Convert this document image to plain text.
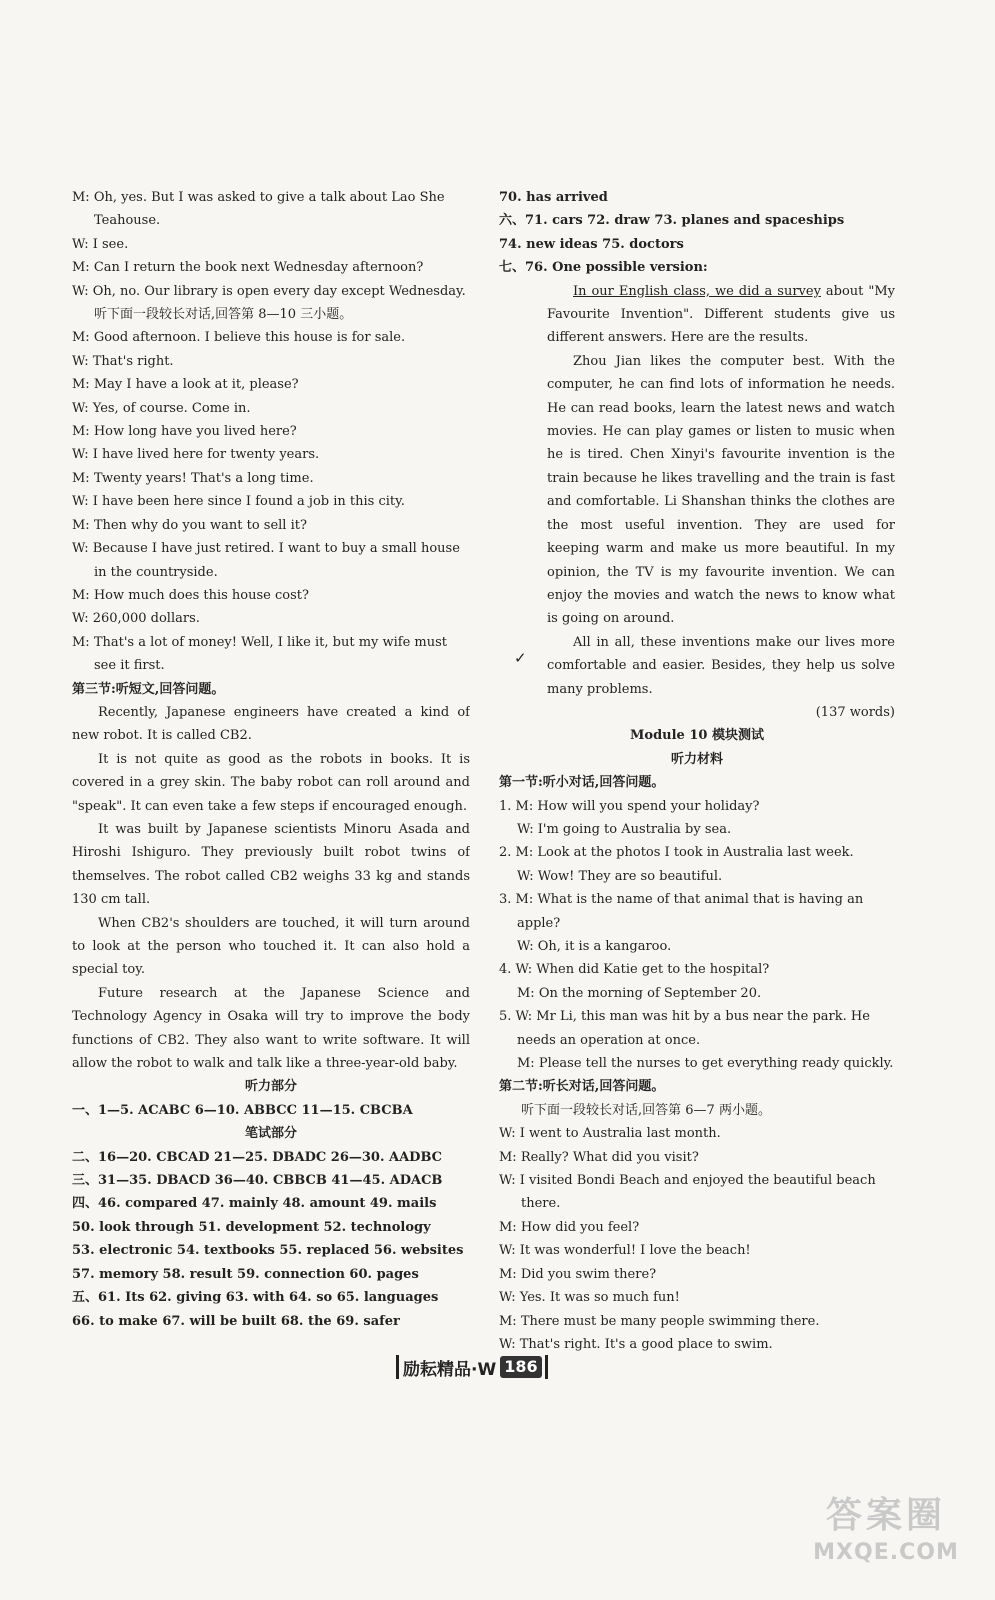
M: Oh, yes. But I was asked to give a talk about Lao She Teahouse.
W: I see.
M: Can I return the book next Wednesday afternoon?
W: Oh, no. Our library is open every day except Wednesday.
听下面一段较长对话,回答第 8—10 三小题。
M: Good afternoon. I believe this house is for sale.
W: That's right.
M: May I have a look at it, please?
W: Yes, of course. Come in.
M: How long have you lived here?
W: I have lived here for twenty years.
M: Twenty years! That's a long time.
W: I have been here since I found a job in this city.
M: Then why do you want to sell it?
W: Because I have just retired. I want to buy a small house in the countryside.
M: How much does this house cost?
W: 260,000 dollars.
M: That's a lot of money! Well, I like it, but my wife must see it first.
第三节:听短文,回答问题。
Recently, Japanese engineers have created a kind of new robot. It is called CB2.
It is not quite as good as the robots in books. It is covered in a grey skin. The baby robot can roll around and "speak". It can even take a few steps if encouraged enough.
It was built by Japanese scientists Minoru Asada and Hiroshi Ishiguro. They previously built robot twins of themselves. The robot called CB2 weighs 33 kg and stands 130 cm tall.
When CB2's shoulders are touched, it will turn around to look at the person who touched it. It can also hold a special toy.
Future research at the Japanese Science and Technology Agency in Osaka will try to improve the body functions of CB2. They also want to write software. It will allow the robot to walk and talk like a three-year-old baby.
听力部分
一、1—5. ACABC 6—10. ABBCC 11—15. CBCBA
笔试部分
二、16—20. CBCAD 21—25. DBADC 26—30. AADBC
三、31—35. DBACD 36—40. CBBCB 41—45. ADACB
四、46. compared 47. mainly 48. amount 49. mails
50. look through 51. development 52. technology
53. electronic 54. textbooks 55. replaced 56. websites
57. memory 58. result 59. connection 60. pages
五、61. Its 62. giving 63. with 64. so 65. languages
66. to make 67. will be built 68. the 69. safer
70. has arrived
六、71. cars 72. draw 73. planes and spaceships
74. new ideas 75. doctors
七、76. One possible version:

In our English class, we did a survey about "My Favourite Invention". Different students give us different answers. Here are the results.

Zhou Jian likes the computer best. With the computer, he can find lots of information he needs. He can read books, learn the latest news and watch movies. He can play games or listen to music when he is tired. Chen Xinyi's favourite invention is the train because he likes travelling and the train is fast and comfortable. Li Shanshan thinks the clothes are the most useful invention. They are used for keeping warm and make us more beautiful. In my opinion, the TV is my favourite invention. We can enjoy the movies and watch the news to know what is going on around.

All in all, these inventions make our lives more comfortable and easier. Besides, they help us solve many problems.

(137 words)
Module 10 模块测试
听力材料
第一节:听小对话,回答问题。
1. M: How will you spend your holiday?
W: I'm going to Australia by sea.
2. M: Look at the photos I took in Australia last week.
W: Wow! They are so beautiful.
3. M: What is the name of that animal that is having an apple?
W: Oh, it is a kangaroo.
4. W: When did Katie get to the hospital?
M: On the morning of September 20.
5. W: Mr Li, this man was hit by a bus near the park. He needs an operation at once.
M: Please tell the nurses to get everything ready quickly.
第二节:听长对话,回答问题。
听下面一段较长对话,回答第 6—7 两小题。
W: I went to Australia last month.
M: Really? What did you visit?
W: I visited Bondi Beach and enjoyed the beautiful beach there.
M: How did you feel?
W: It was wonderful! I love the beach!
M: Did you swim there?
W: Yes. It was so much fun!
M: There must be many people swimming there.
W: That's right. It's a good place to swim.
✓
励耘精品·W 186
答案圈
MXQE.COM
